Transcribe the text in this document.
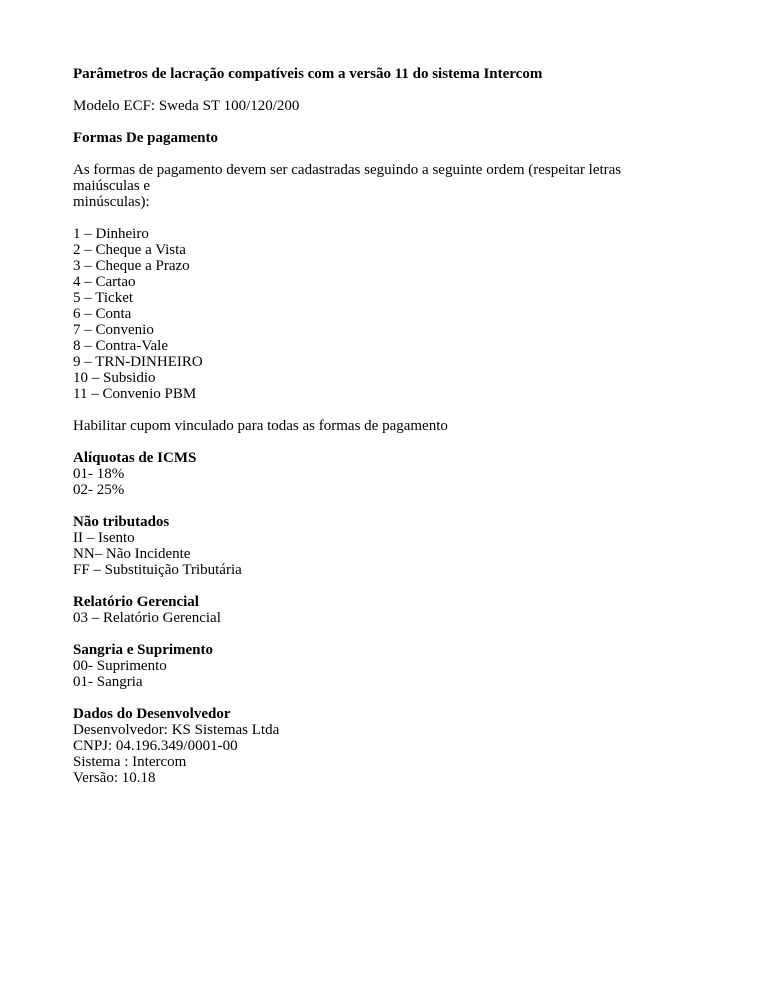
Parâmetros de lacração compatíveis com a versão 11 do sistema Intercom
Modelo ECF: Sweda ST 100/120/200
Formas De pagamento
As formas de pagamento devem ser cadastradas seguindo a seguinte ordem (respeitar letras
maiúsculas e
minúsculas):
1 – Dinheiro
2 – Cheque a Vista
3 – Cheque a Prazo
4 – Cartao
5 – Ticket
6 – Conta
7 – Convenio
8 – Contra-Vale
9 – TRN-DINHEIRO
10 – Subsidio
11 – Convenio PBM
Habilitar cupom vinculado para todas as formas de pagamento
Alíquotas de ICMS
01- 18%
02- 25%
Não tributados
II – Isento
NN– Não Incidente
FF – Substituição Tributária
Relatório Gerencial
03 – Relatório Gerencial
Sangria e Suprimento
00- Suprimento
01- Sangria
Dados do Desenvolvedor
Desenvolvedor: KS Sistemas Ltda
CNPJ: 04.196.349/0001-00
Sistema : Intercom
Versão: 10.18
